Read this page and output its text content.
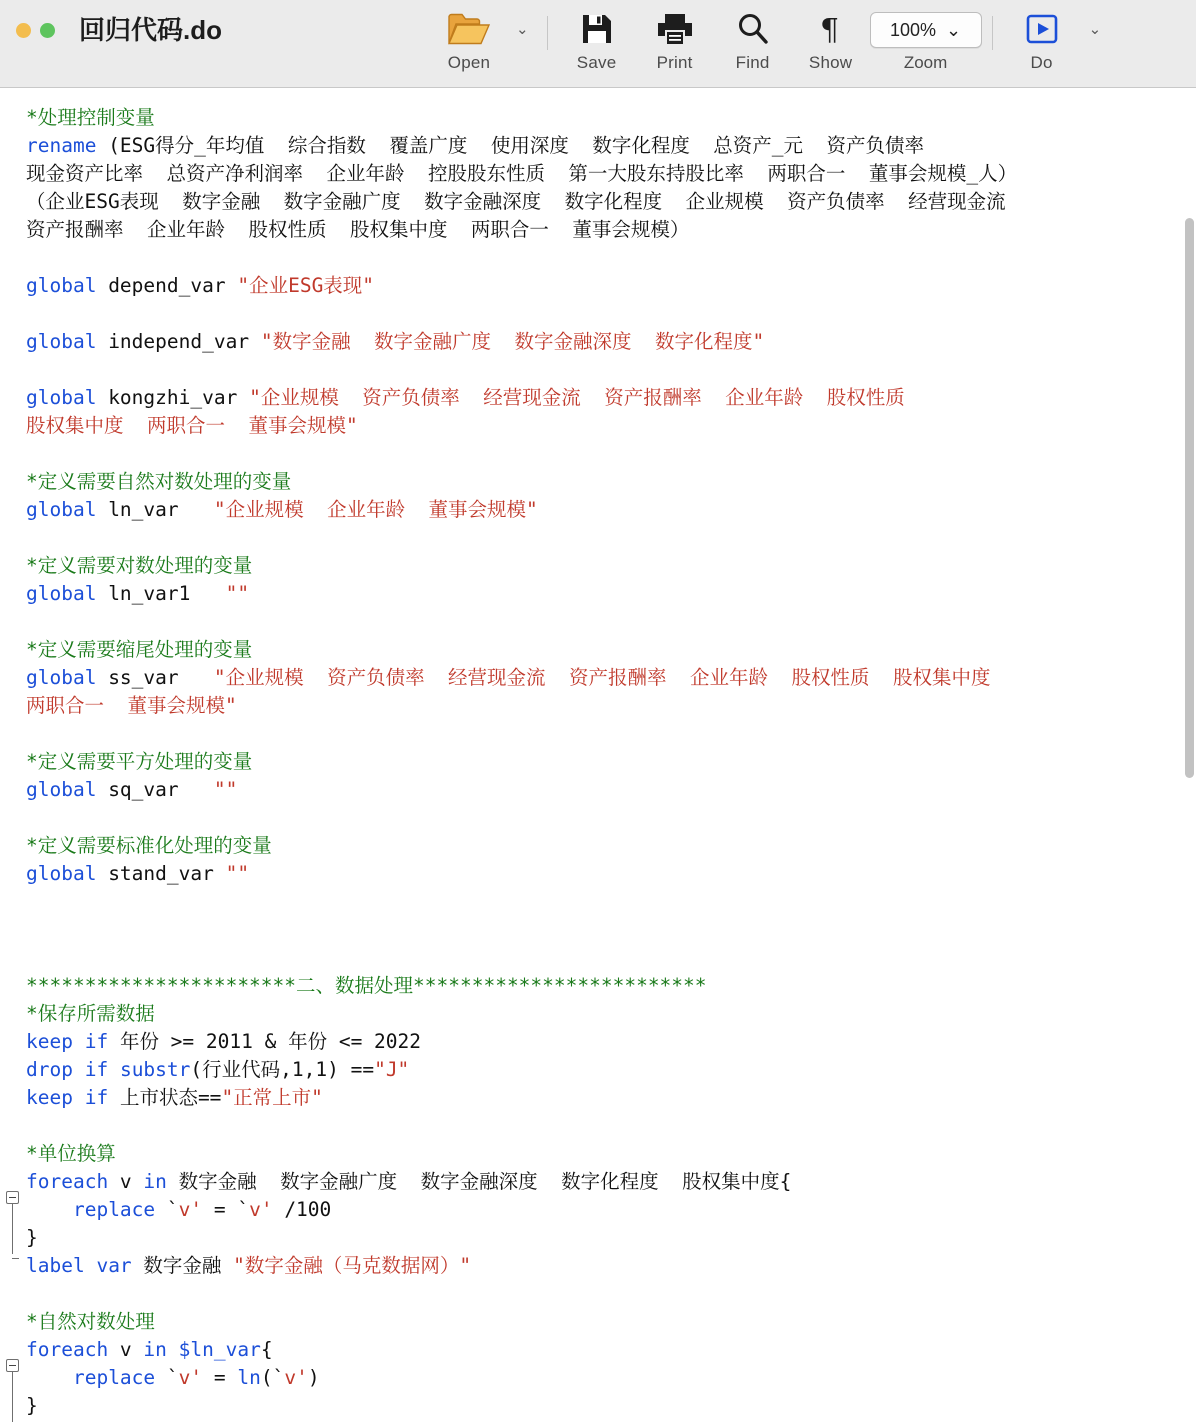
回归代码.do
Open
⌄
Save	Print	Find
¶
Show
100% ⌄
Zoom	Do
⌄
*处理控制变量
rename (ESG得分_年均值  综合指数  覆盖广度  使用深度  数字化程度  总资产_元  资产负债率
现金资产比率  总资产净利润率  企业年龄  控股股东性质  第一大股东持股比率  两职合一  董事会规模_人）
（企业ESG表现  数字金融  数字金融广度  数字金融深度  数字化程度  企业规模  资产负债率  经营现金流
资产报酬率  企业年龄  股权性质  股权集中度  两职合一  董事会规模）

global depend_var "企业ESG表现"

global independ_var "数字金融  数字金融广度  数字金融深度  数字化程度"

global kongzhi_var "企业规模  资产负债率  经营现金流  资产报酬率  企业年龄  股权性质
股权集中度  两职合一  董事会规模"

*定义需要自然对数处理的变量
global ln_var   "企业规模  企业年龄  董事会规模"

*定义需要对数处理的变量
global ln_var1   ""

*定义需要缩尾处理的变量
global ss_var   "企业规模  资产负债率  经营现金流  资产报酬率  企业年龄  股权性质  股权集中度
两职合一  董事会规模"

*定义需要平方处理的变量
global sq_var   ""

*定义需要标准化处理的变量
global stand_var ""

***********************二、数据处理*************************
*保存所需数据
keep if 年份 >= 2011 & 年份 <= 2022
drop if substr(行业代码,1,1) =="J"
keep if 上市状态=="正常上市"

*单位换算
foreach v in 数字金融  数字金融广度  数字金融深度  数字化程度  股权集中度{
replace `v' = `v' /100
}
label var 数字金融 "数字金融（马克数据网）"

*自然对数处理
foreach v in $ln_var{
replace `v' = ln(`v')
}
